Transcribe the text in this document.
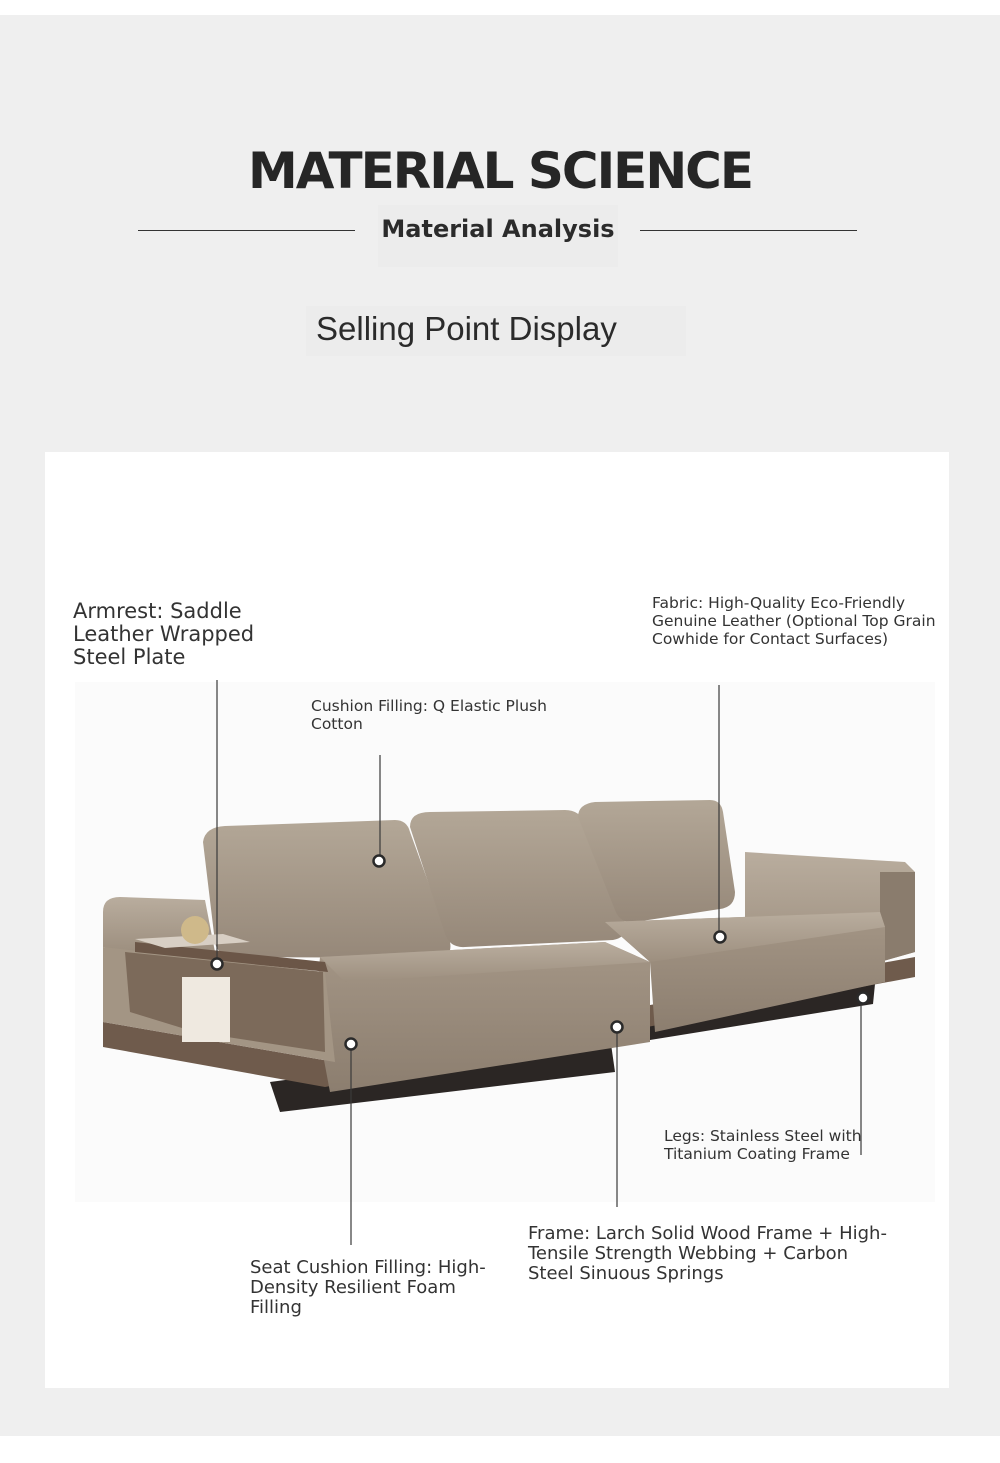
MATERIAL SCIENCE
Material Analysis
Selling Point Display

Armrest: Saddle Leather Wrapped Steel Plate

Fabric: High-Quality Eco-Friendly Genuine Leather (Optional Top Grain Cowhide for Contact Surfaces)

Cushion Filling: Q Elastic Plush Cotton

Legs: Stainless Steel with Titanium Coating Frame

Frame: Larch Solid Wood Frame + High-Tensile Strength Webbing + Carbon Steel Sinuous Springs

Seat Cushion Filling: High-Density Resilient Foam Filling
